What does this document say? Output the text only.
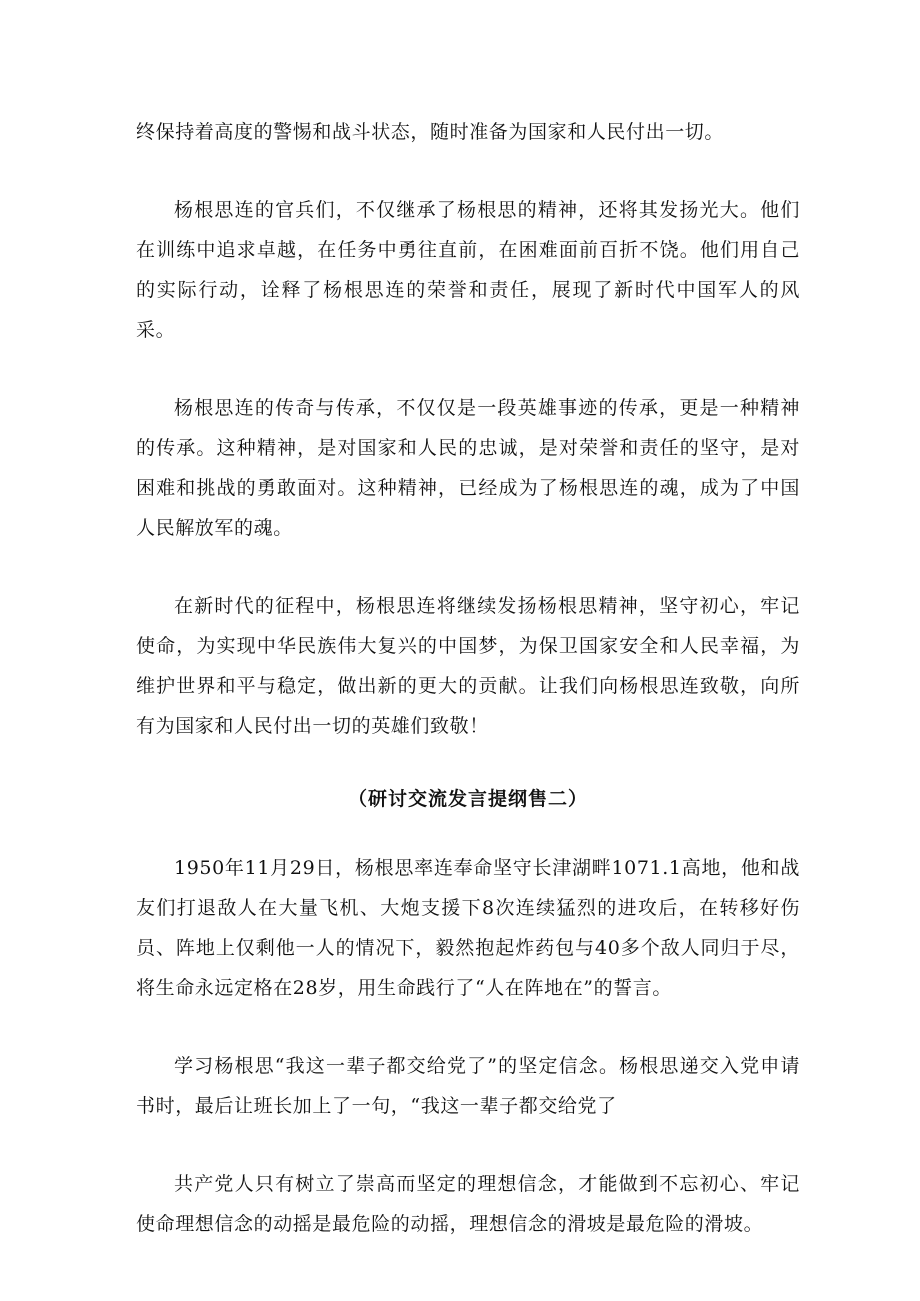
终保持着高度的警惕和战斗状态，随时准备为国家和人民付出一切。

杨根思连的官兵们，不仅继承了杨根思的精神，还将其发扬光大。他们在训练中追求卓越，在任务中勇往直前，在困难面前百折不饶。他们用自己的实际行动，诠释了杨根思连的荣誉和责任，展现了新时代中国军人的风采。

杨根思连的传奇与传承，不仅仅是一段英雄事迹的传承，更是一种精神的传承。这种精神，是对国家和人民的忠诚，是对荣誉和责任的坚守，是对困难和挑战的勇敢面对。这种精神，已经成为了杨根思连的魂，成为了中国人民解放军的魂。

在新时代的征程中，杨根思连将继续发扬杨根思精神，坚守初心，牢记使命，为实现中华民族伟大复兴的中国梦，为保卫国家安全和人民幸福，为维护世界和平与稳定，做出新的更大的贡献。让我们向杨根思连致敬，向所有为国家和人民付出一切的英雄们致敬！

（研讨交流发言提纲售二）

1950年11月29日，杨根思率连奉命坚守长津湖畔1071.1高地，他和战友们打退敌人在大量飞机、大炮支援下8次连续猛烈的进攻后，在转移好伤员、阵地上仅剩他一人的情况下，毅然抱起炸药包与40多个敌人同归于尽，将生命永远定格在28岁，用生命践行了“人在阵地在”的誓言。

学习杨根思“我这一辈子都交给党了”的坚定信念。杨根思递交入党申请书时，最后让班长加上了一句，“我这一辈子都交给党了

共产党人只有树立了崇高而坚定的理想信念，才能做到不忘初心、牢记使命理想信念的动摇是最危险的动摇，理想信念的滑坡是最危险的滑坡。
